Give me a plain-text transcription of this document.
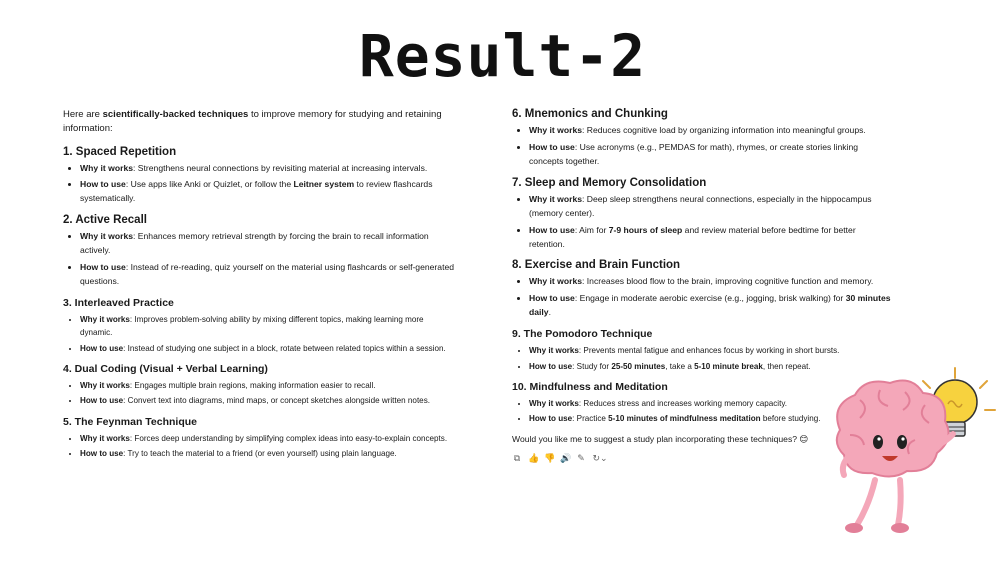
Result-2

Here are scientifically-backed techniques to improve memory for studying and retaining information:

1. Spaced Repetition
• Why it works: Strengthens neural connections by revisiting material at increasing intervals.
• How to use: Use apps like Anki or Quizlet, or follow the Leitner system to review flashcards systematically.
2. Active Recall
• Why it works: Enhances memory retrieval strength by forcing the brain to recall information actively.
• How to use: Instead of re-reading, quiz yourself on the material using flashcards or self-generated questions.
3. Interleaved Practice
• Why it works: Improves problem-solving ability by mixing different topics, making learning more dynamic.
• How to use: Instead of studying one subject in a block, rotate between related topics within a session.
4. Dual Coding (Visual + Verbal Learning)
• Why it works: Engages multiple brain regions, making information easier to recall.
• How to use: Convert text into diagrams, mind maps, or concept sketches alongside written notes.
5. The Feynman Technique
• Why it works: Forces deep understanding by simplifying complex ideas into easy-to-explain concepts.
• How to use: Try to teach the material to a friend (or even yourself) using plain language.
6. Mnemonics and Chunking
• Why it works: Reduces cognitive load by organizing information into meaningful groups.
• How to use: Use acronyms (e.g., PEMDAS for math), rhymes, or create stories linking concepts together.
7. Sleep and Memory Consolidation
• Why it works: Deep sleep strengthens neural connections, especially in the hippocampus (memory center).
• How to use: Aim for 7-9 hours of sleep and review material before bedtime for better retention.
8. Exercise and Brain Function
• Why it works: Increases blood flow to the brain, improving cognitive function and memory.
• How to use: Engage in moderate aerobic exercise (e.g., jogging, brisk walking) for 30 minutes daily.
9. The Pomodoro Technique
• Why it works: Prevents mental fatigue and enhances focus by working in short bursts.
• How to use: Study for 25-50 minutes, take a 5-10 minute break, then repeat.
10. Mindfulness and Meditation
• Why it works: Reduces stress and increases working memory capacity.
• How to use: Practice 5-10 minutes of mindfulness meditation before studying.
Would you like me to suggest a study plan incorporating these techniques? 😊
⧉ 👍 👎 🔊 ✎ ↻⌄
